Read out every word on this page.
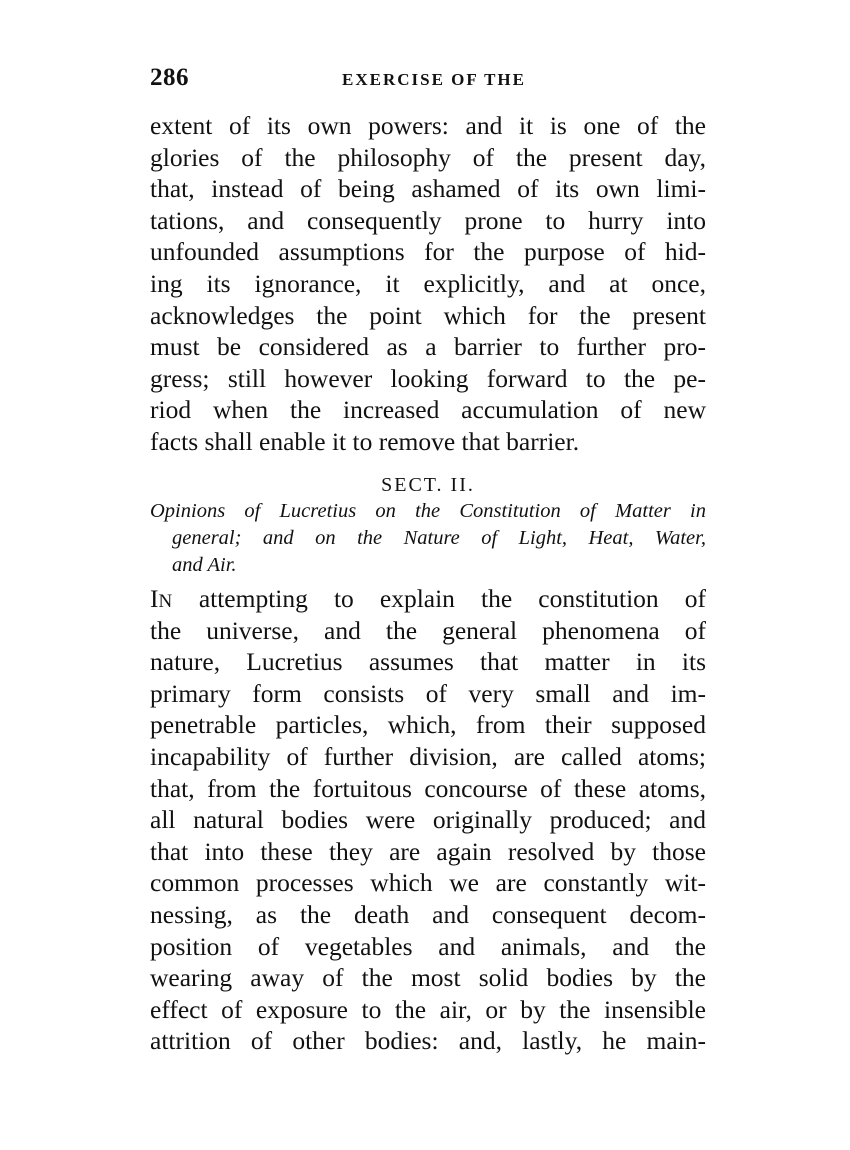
286	EXERCISE OF THE
extent of its own powers: and it is one of the
glories of the philosophy of the present day,
that, instead of being ashamed of its own limi-
tations, and consequently prone to hurry into
unfounded assumptions for the purpose of hid-
ing its ignorance, it explicitly, and at once,
acknowledges the point which for the present
must be considered as a barrier to further pro-
gress; still however looking forward to the pe-
riod when the increased accumulation of new
facts shall enable it to remove that barrier.
SECT. II.
Opinions of Lucretius on the Constitution of Matter in
general; and on the Nature of Light, Heat, Water,
and Air.
IN attempting to explain the constitution of
the universe, and the general phenomena of
nature, Lucretius assumes that matter in its
primary form consists of very small and im-
penetrable particles, which, from their supposed
incapability of further division, are called atoms;
that, from the fortuitous concourse of these atoms,
all natural bodies were originally produced; and
that into these they are again resolved by those
common processes which we are constantly wit-
nessing, as the death and consequent decom-
position of vegetables and animals, and the
wearing away of the most solid bodies by the
effect of exposure to the air, or by the insensible
attrition of other bodies: and, lastly, he main-
